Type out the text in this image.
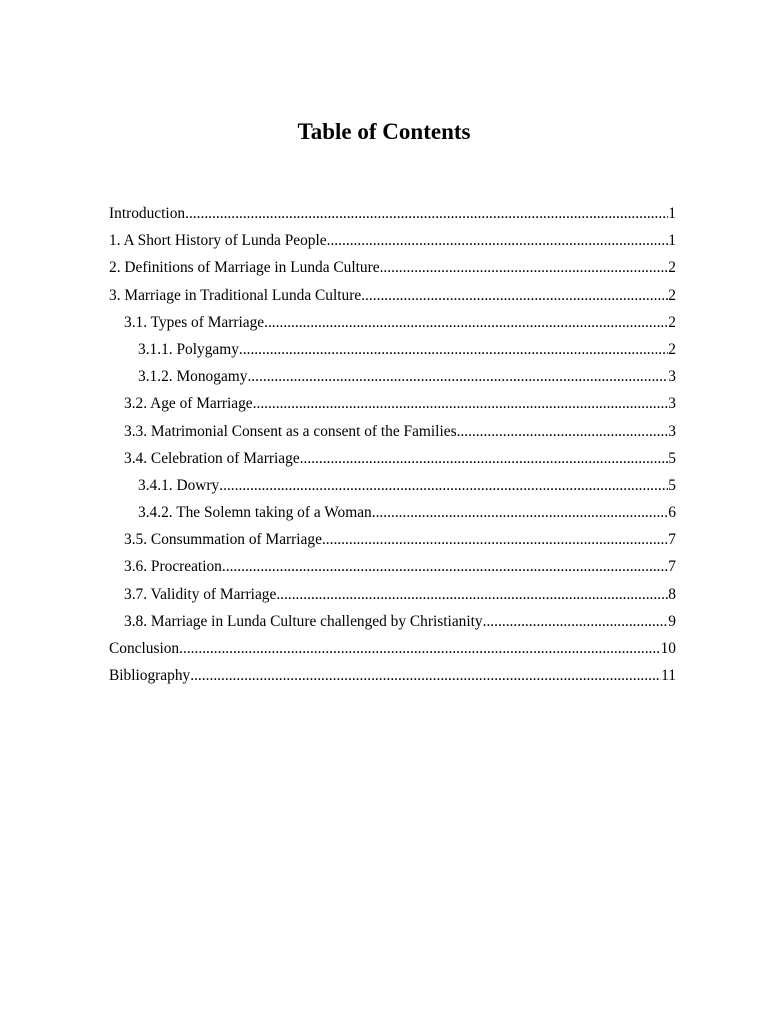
Table of Contents
Introduction .....	1
1. A Short History of Lunda People .....	1
2. Definitions of Marriage in Lunda Culture .....	2
3. Marriage in Traditional Lunda Culture .....	2
3.1. Types of Marriage .....	2
3.1.1. Polygamy .....	2
3.1.2. Monogamy .....	3
3.2. Age of Marriage .....	3
3.3. Matrimonial Consent as a consent of the Families .....	3
3.4. Celebration of Marriage .....	5
3.4.1. Dowry .....	5
3.4.2. The Solemn taking of a Woman .....	6
3.5. Consummation of Marriage .....	7
3.6. Procreation .....	7
3.7. Validity of Marriage .....	8
3.8. Marriage in Lunda Culture challenged by Christianity .....	9
Conclusion .....	10
Bibliography .....	11
